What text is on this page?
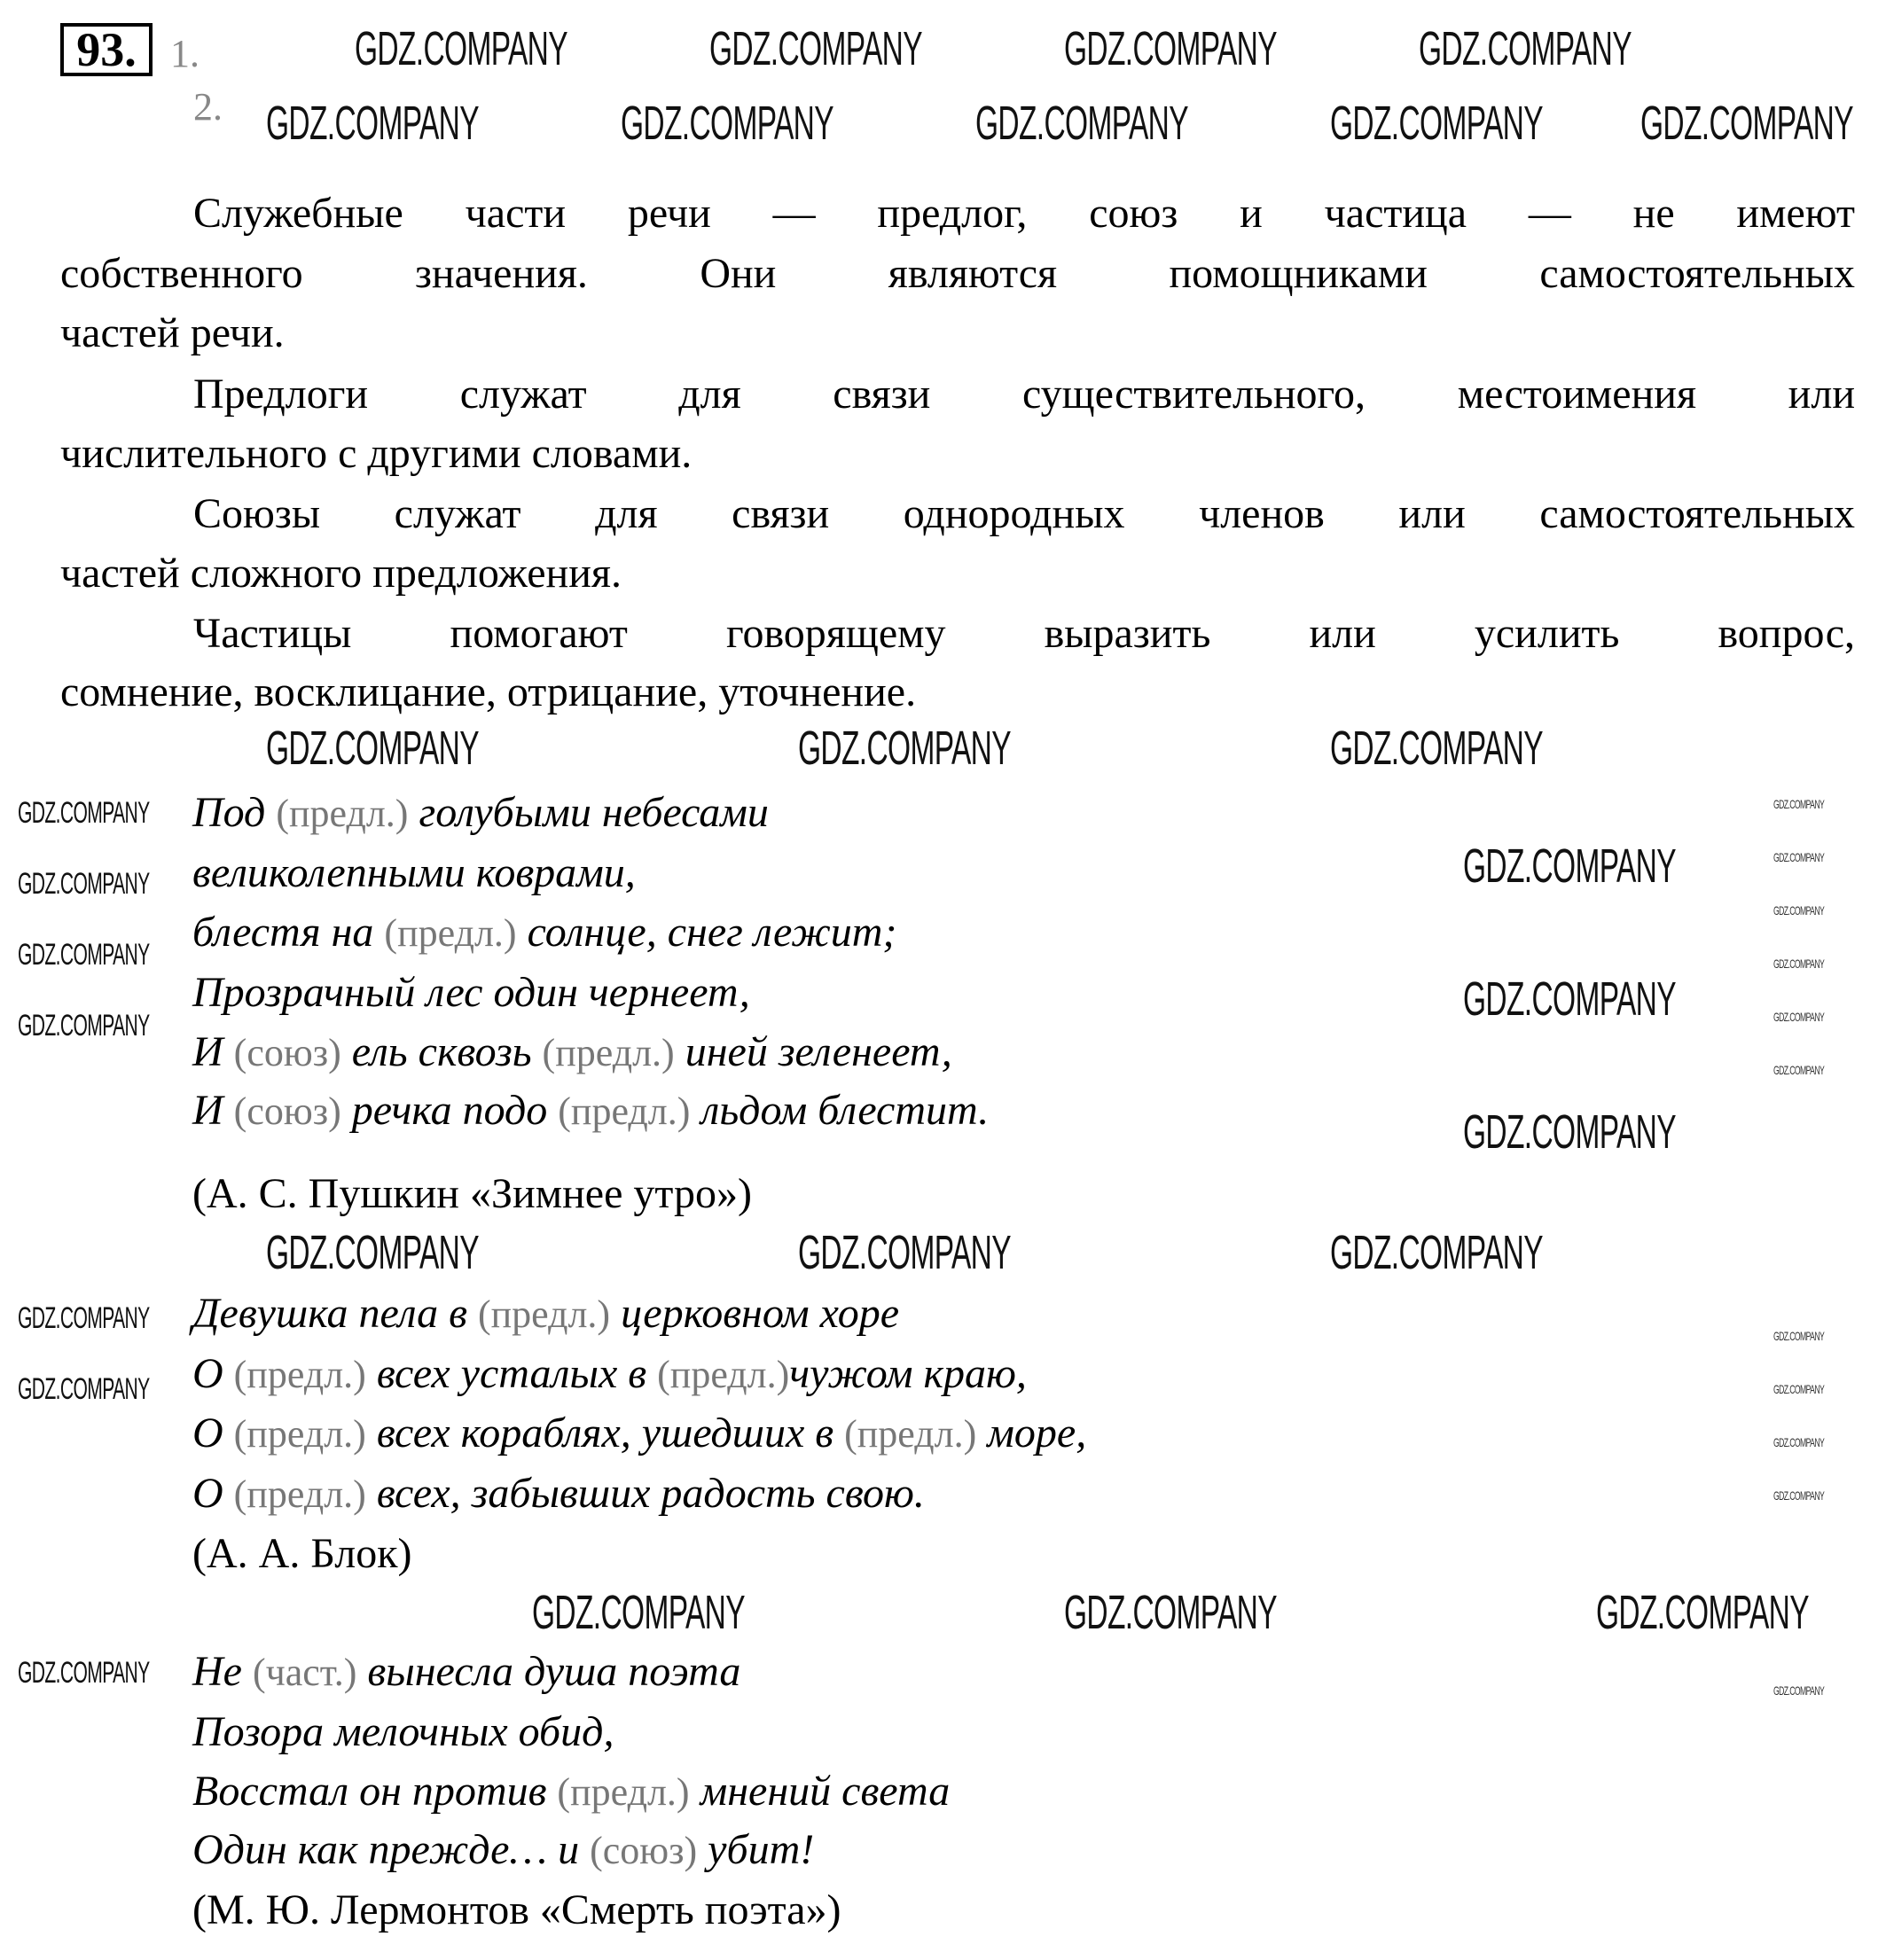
93. 1.
2.
Служебные части речи — предлог, союз и частица — не имеют
собственного значения. Они являются помощниками самостоятельных
частей речи.
Предлоги служат для связи существительного, местоимения или
числительного с другими словами.
Союзы служат для связи однородных членов или самостоятельных
частей сложного предложения.
Частицы помогают говорящему выразить или усилить вопрос,
сомнение, восклицание, отрицание, уточнение.
Под (предл.) голубыми небесами
великолепными коврами,
блестя на (предл.) солнце, снег лежит;
Прозрачный лес один чернеет,
И (союз) ель сквозь (предл.) иней зеленеет,
И (союз) речка подо (предл.) льдом блестит.
(А. С. Пушкин «Зимнее утро»)
Девушка пела в (предл.) церковном хоре
О (предл.) всех усталых в (предл.)чужом краю,
О (предл.) всех кораблях, ушедших в (предл.) море,
О (предл.) всех, забывших радость свою.
(А. А. Блок)
Не (част.) вынесла душа поэта
Позора мелочных обид,
Восстал он против (предл.) мнений света
Один как прежде… и (союз) убит!
(М. Ю. Лермонтов «Смерть поэта»)
GDZ.COMPANY	GDZ.COMPANY	GDZ.COMPANY	GDZ.COMPANY
GDZ.COMPANY	GDZ.COMPANY	GDZ.COMPANY	GDZ.COMPANY GDZ.COMPANY
GDZ.COMPANY	GDZ.COMPANY	GDZ.COMPANY
GDZ.COMPANY	GDZ.COMPANY	GDZ.COMPANY
GDZ.COMPANY	GDZ.COMPANY	GDZ.COMPANY
GDZ.COMPANY
GDZ.COMPANY
GDZ.COMPANY
GDZ.COMPANY
GDZ.COMPANY
GDZ.COMPANY
GDZ.COMPANY
GDZ.COMPANY
GDZ.COMPANY
GDZ.COMPANY
GDZ.COMPANY
GDZ.COMPANY
GDZ.COMPANY
GDZ.COMPANY
GDZ.COMPANY
GDZ.COMPANY
GDZ.COMPANY
GDZ.COMPANY
GDZ.COMPANY
GDZ.COMPANY
GDZ.COMPANY
